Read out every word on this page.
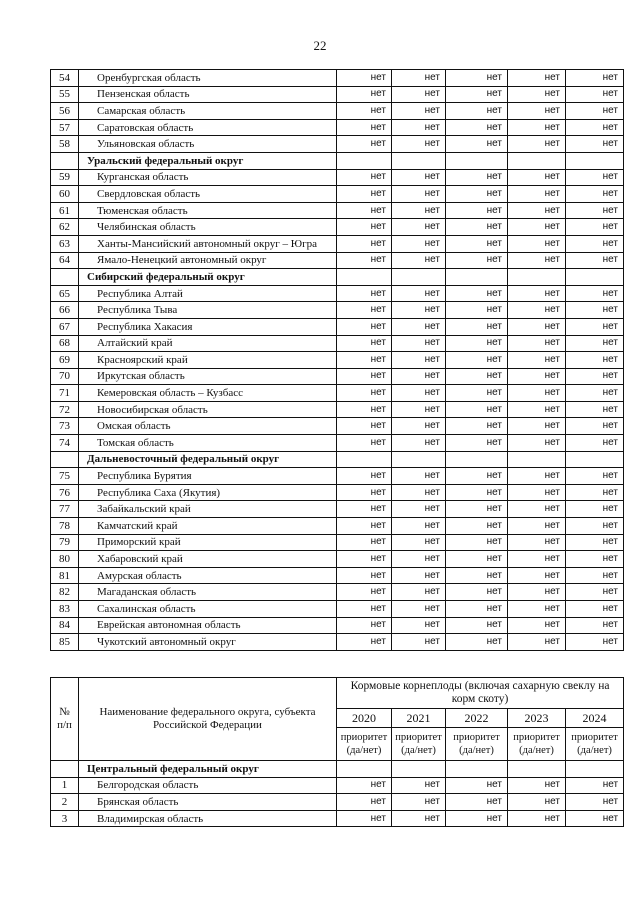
22
54	Оренбургская область	нет	нет	нет	нет	нет
55	Пензенская область	нет	нет	нет	нет	нет
56	Самарская область	нет	нет	нет	нет	нет
57	Саратовская область	нет	нет	нет	нет	нет
58	Ульяновская область	нет	нет	нет	нет	нет
	Уральский федеральный округ					
59	Курганская область	нет	нет	нет	нет	нет
60	Свердловская область	нет	нет	нет	нет	нет
61	Тюменская область	нет	нет	нет	нет	нет
62	Челябинская область	нет	нет	нет	нет	нет
63	Ханты-Мансийский автономный округ – Югра	нет	нет	нет	нет	нет
64	Ямало-Ненецкий автономный округ	нет	нет	нет	нет	нет
	Сибирский федеральный округ					
65	Республика Алтай	нет	нет	нет	нет	нет
66	Республика Тыва	нет	нет	нет	нет	нет
67	Республика Хакасия	нет	нет	нет	нет	нет
68	Алтайский край	нет	нет	нет	нет	нет
69	Красноярский край	нет	нет	нет	нет	нет
70	Иркутская область	нет	нет	нет	нет	нет
71	Кемеровская область – Кузбасс	нет	нет	нет	нет	нет
72	Новосибирская область	нет	нет	нет	нет	нет
73	Омская область	нет	нет	нет	нет	нет
74	Томская область	нет	нет	нет	нет	нет
	Дальневосточный федеральный округ					
75	Республика Бурятия	нет	нет	нет	нет	нет
76	Республика Саха (Якутия)	нет	нет	нет	нет	нет
77	Забайкальский край	нет	нет	нет	нет	нет
78	Камчатский край	нет	нет	нет	нет	нет
79	Приморский край	нет	нет	нет	нет	нет
80	Хабаровский край	нет	нет	нет	нет	нет
81	Амурская область	нет	нет	нет	нет	нет
82	Магаданская область	нет	нет	нет	нет	нет
83	Сахалинская область	нет	нет	нет	нет	нет
84	Еврейская автономная область	нет	нет	нет	нет	нет
85	Чукотский автономный округ	нет	нет	нет	нет	нет
№ п/п	Наименование федерального округа, субъекта Российской Федерации	Кормовые корнеплоды (включая сахарную свеклу на корм скоту)				
		2020	2021	2022	2023	2024
		приоритет (да/нет)	приоритет (да/нет)	приоритет (да/нет)	приоритет (да/нет)	приоритет (да/нет)
	Центральный федеральный округ					
1	Белгородская область	нет	нет	нет	нет	нет
2	Брянская область	нет	нет	нет	нет	нет
3	Владимирская область	нет	нет	нет	нет	нет
